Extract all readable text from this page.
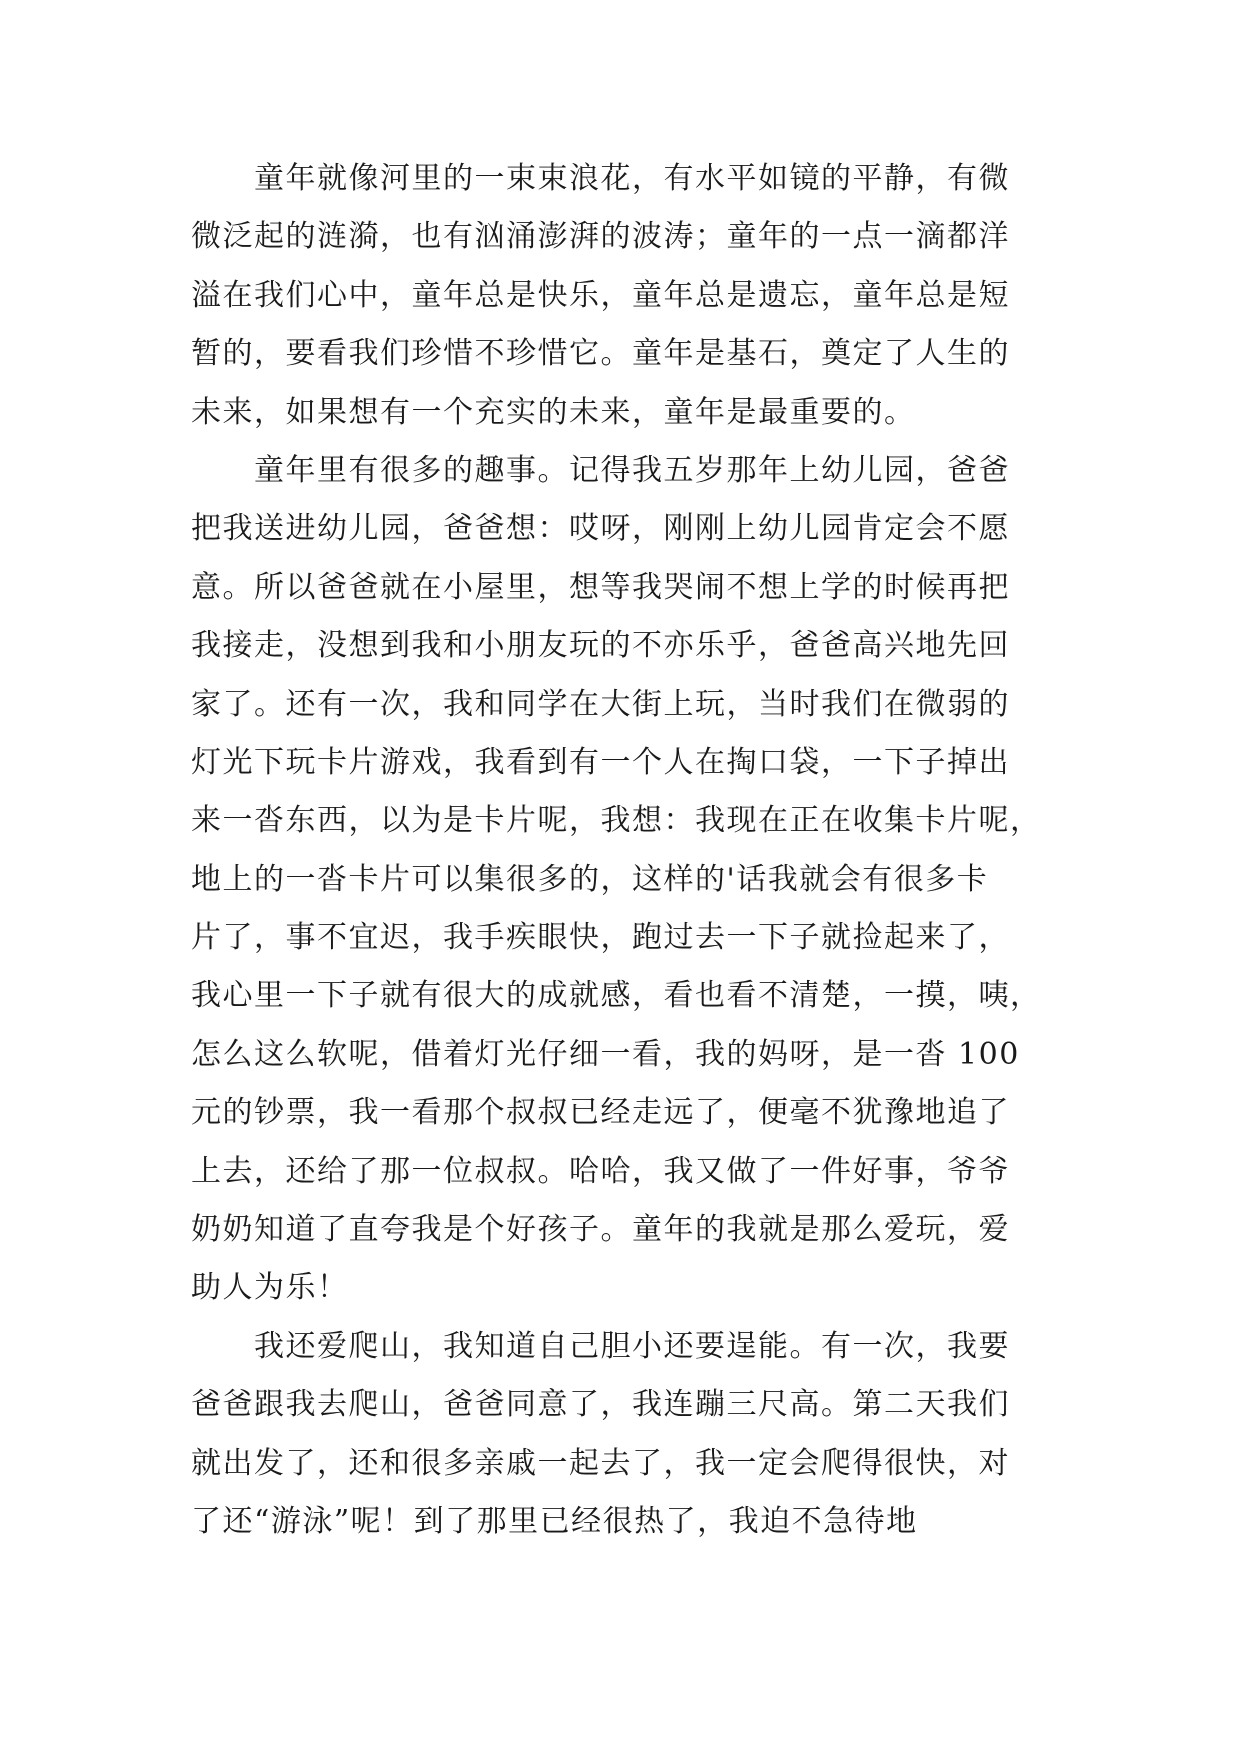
　　童年就像河里的一束束浪花，有水平如镜的平静，有微
微泛起的涟漪，也有汹涌澎湃的波涛；童年的一点一滴都洋
溢在我们心中，童年总是快乐，童年总是遗忘，童年总是短
暂的，要看我们珍惜不珍惜它。童年是基石，奠定了人生的
未来，如果想有一个充实的未来，童年是最重要的。
　　童年里有很多的趣事。记得我五岁那年上幼儿园，爸爸
把我送进幼儿园，爸爸想：哎呀，刚刚上幼儿园肯定会不愿
意。所以爸爸就在小屋里，想等我哭闹不想上学的时候再把
我接走，没想到我和小朋友玩的不亦乐乎，爸爸高兴地先回
家了。还有一次，我和同学在大街上玩，当时我们在微弱的
灯光下玩卡片游戏，我看到有一个人在掏口袋，一下子掉出
来一沓东西，以为是卡片呢，我想：我现在正在收集卡片呢，
地上的一沓卡片可以集很多的，这样的'话我就会有很多卡
片了，事不宜迟，我手疾眼快，跑过去一下子就捡起来了，
我心里一下子就有很大的成就感，看也看不清楚，一摸，咦，
怎么这么软呢，借着灯光仔细一看，我的妈呀，是一沓 100
元的钞票，我一看那个叔叔已经走远了，便毫不犹豫地追了
上去，还给了那一位叔叔。哈哈，我又做了一件好事，爷爷
奶奶知道了直夸我是个好孩子。童年的我就是那么爱玩，爱
助人为乐！
　　我还爱爬山，我知道自己胆小还要逞能。有一次，我要
爸爸跟我去爬山，爸爸同意了，我连蹦三尺高。第二天我们
就出发了，还和很多亲戚一起去了，我一定会爬得很快，对
了还“游泳”呢！到了那里已经很热了，我迫不急待地
